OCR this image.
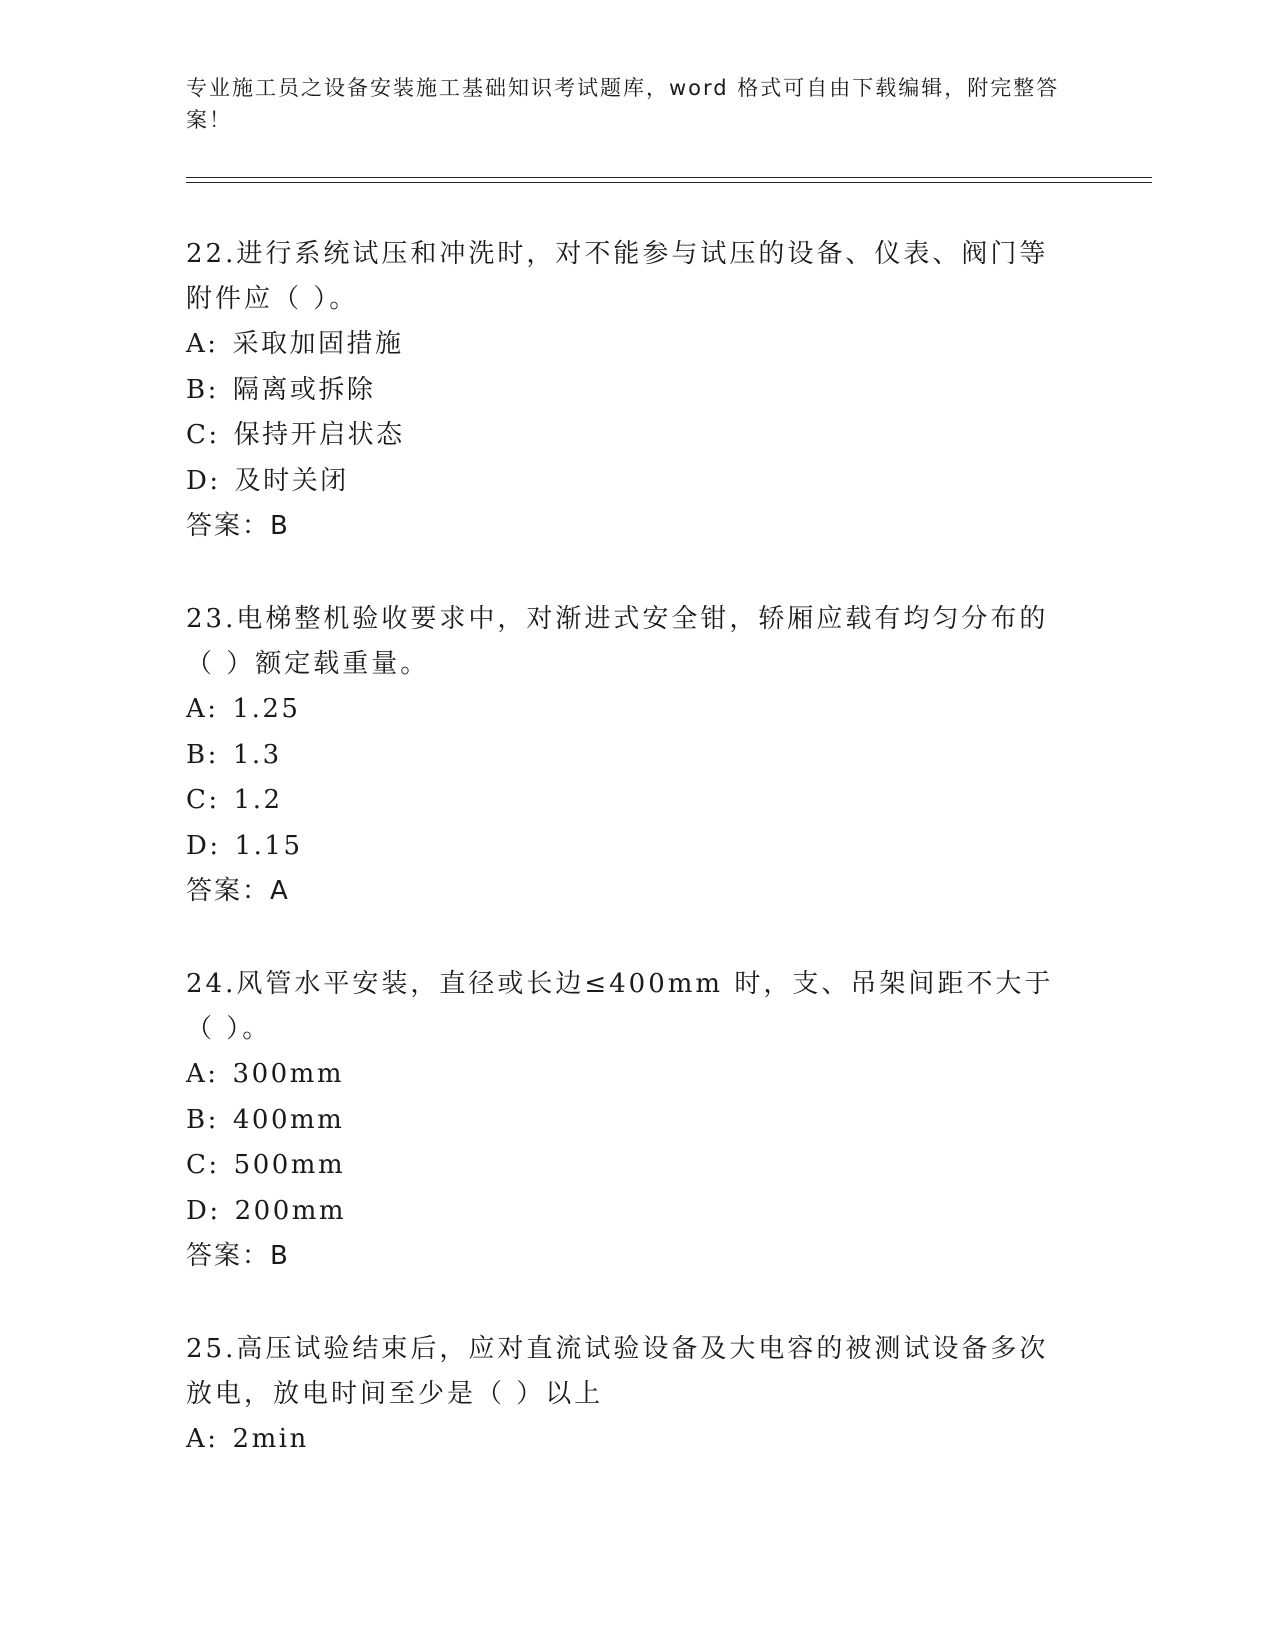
专业施工员之设备安装施工基础知识考试题库，word 格式可自由下载编辑，附完整答案！

22.进行系统试压和冲洗时，对不能参与试压的设备、仪表、阀门等附件应（ ）。

A: 采取加固措施
B: 隔离或拆除
C: 保持开启状态
D: 及时关闭
答案：B

23.电梯整机验收要求中，对渐进式安全钳，轿厢应载有均匀分布的（ ）额定载重量。

A: 1.25
B: 1.3
C: 1.2
D: 1.15
答案：A

24.风管水平安装，直径或长边≤400mm 时，支、吊架间距不大于（ ）。

A: 300mm
B: 400mm
C: 500mm
D: 200mm
答案：B

25.高压试验结束后，应对直流试验设备及大电容的被测试设备多次放电，放电时间至少是（ ）以上

A: 2min
